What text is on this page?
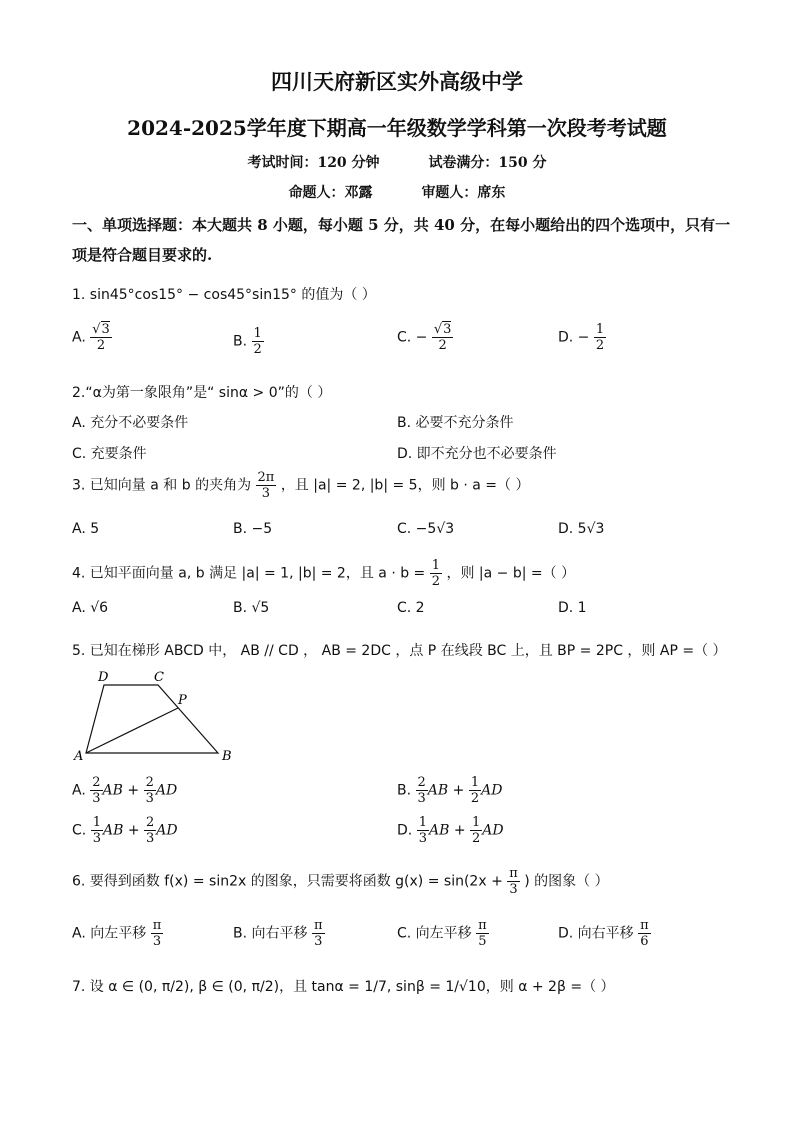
四川天府新区实外高级中学
2024-2025学年度下期高一年级数学学科第一次段考考试题
考试时间：120 分钟	试卷满分：150 分
命题人：邓露	审题人：席东
一、单项选择题：本大题共 8 小题，每小题 5 分，共 40 分，在每小题给出的四个选项中，只有一项是符合题目要求的.
1. sin45°cos15° − cos45°sin15° 的值为（ ）
A. $\frac{√3}{2}$	B. $\frac{1}{2}$	C. − $\frac{√3}{2}$	D. − $\frac{1}{2}$
2.“α为第一象限角”是“ sinα > 0”的（ ）
A. 充分不必要条件	B. 必要不充分条件
C. 充要条件	D. 即不充分也不必要条件
3. 已知向量 a 和 b 的夹角为 $\frac{2\pi}{3}$ ，且 |a| = 2, |b| = 5，则 b · a =（ ）
A. 5	B. −5	C. −5√3	D. 5√3
4. 已知平面向量 a, b 满足 |a| = 1, |b| = 2，且 $a \cdot b = \frac{1}{2}$ ，则 |a − b| =（ ）
A. √6	B. √5	C. 2	D. 1
5. 已知在梯形 ABCD 中， AB // CD ， AB = 2DC ，点 P 在线段 BC 上，且 BP = 2PC ，则 AP =（ ）
A	B
C
D
P
A. $\frac{2}{3}$ AB + $\frac{2}{3}$ AD	B. $\frac{2}{3}$ AB + $\frac{1}{2}$ AD
C. $\frac{1}{3}$ AB + $\frac{2}{3}$ AD	D. $\frac{1}{3}$ AB + $\frac{1}{2}$ AD
6. 要得到函数 f(x) = sin2x 的图象，只需要将函数 $g(x) = \sin(2x + \frac{\pi}{3}$ ) 的图象（ ）
A. 向左平移 $\frac{\pi}{3}$	B. 向右平移 $\frac{\pi}{3}$	C. 向左平移 $\frac{\pi}{5}$	D. 向右平移 $\frac{\pi}{6}$
7. 设 α ∈ (0, π/2), β ∈ (0, π/2)，且 tanα = 1/7, sinβ = 1/√10，则 α + 2β =（ ）
